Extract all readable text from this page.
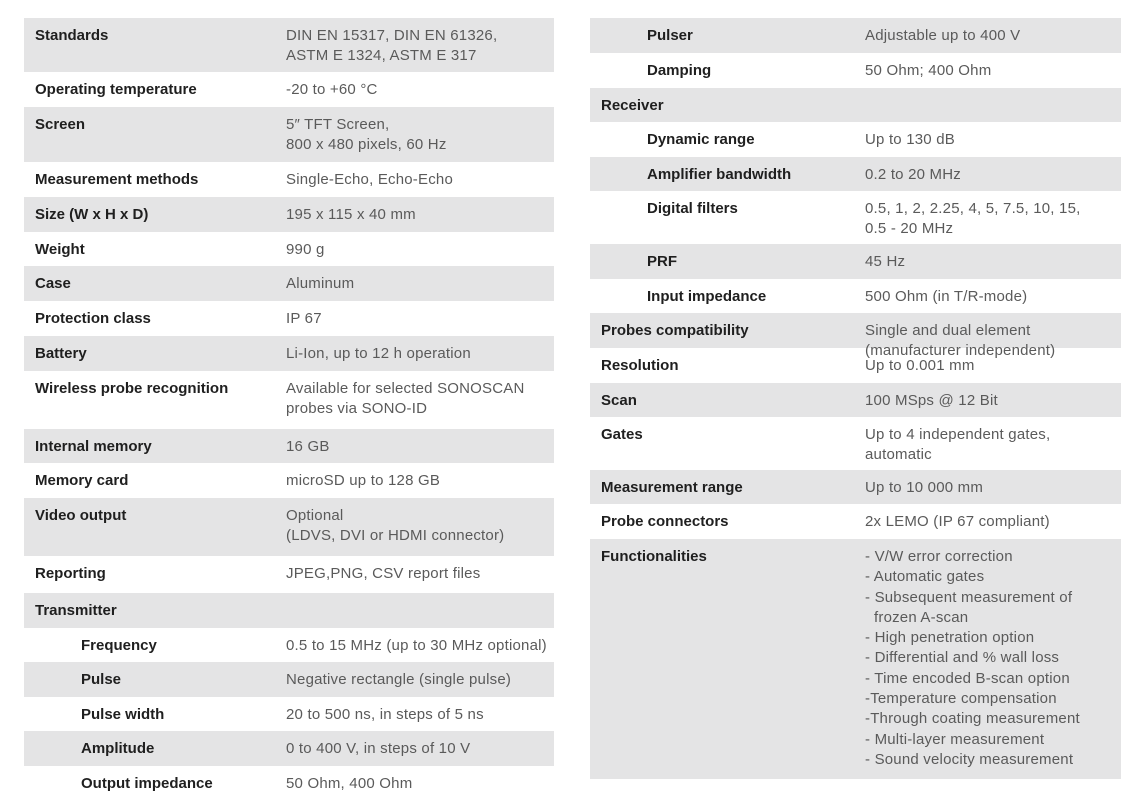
Standards	DIN EN 15317, DIN EN 61326,
ASTM E 1324, ASTM E 317
Operating temperature	-20 to +60 °C
Screen	5″ TFT Screen,
800 x 480 pixels, 60 Hz
Measurement methods	Single-Echo, Echo-Echo
Size (W x H x D)	195 x 115 x 40 mm
Weight	990 g
Case	Aluminum
Protection class	IP 67
Battery	Li-Ion, up to 12 h operation
Wireless probe recognition	Available for selected SONOSCAN
probes via SONO-ID
Internal memory	16 GB
Memory card	microSD up to 128 GB
Video output	Optional
(LDVS, DVI or HDMI connector)
Reporting	JPEG,PNG, CSV report files
Transmitter
Frequency	0.5 to 15 MHz (up to 30 MHz optional)
Pulse	Negative rectangle (single pulse)
Pulse width	20 to 500 ns, in steps of 5 ns
Amplitude	0 to 400 V, in steps of 10 V
Output impedance	50 Ohm, 400 Ohm
Pulser	Adjustable up to 400 V
Damping	50 Ohm; 400 Ohm
Receiver
Dynamic range	Up to 130 dB
Amplifier bandwidth	0.2 to 20 MHz
Digital filters	0.5, 1, 2, 2.25, 4, 5, 7.5, 10, 15,
0.5 - 20 MHz
PRF	45 Hz
Input impedance	500 Ohm (in T/R-mode)
Probes compatibility	Single and dual element
(manufacturer independent)
Resolution	Up to 0.001 mm
Scan	100 MSps @ 12 Bit
Gates	Up to 4 independent gates,
automatic
Measurement range	Up to 10 000 mm
Probe connectors	2x LEMO (IP 67 compliant)
Functionalities	- V/W error correction
- Automatic gates
- Subsequent measurement of
frozen A-scan
- High penetration option
- Differential and % wall loss
- Time encoded B-scan option
-Temperature compensation
-Through coating measurement
- Multi-layer measurement
- Sound velocity measurement
